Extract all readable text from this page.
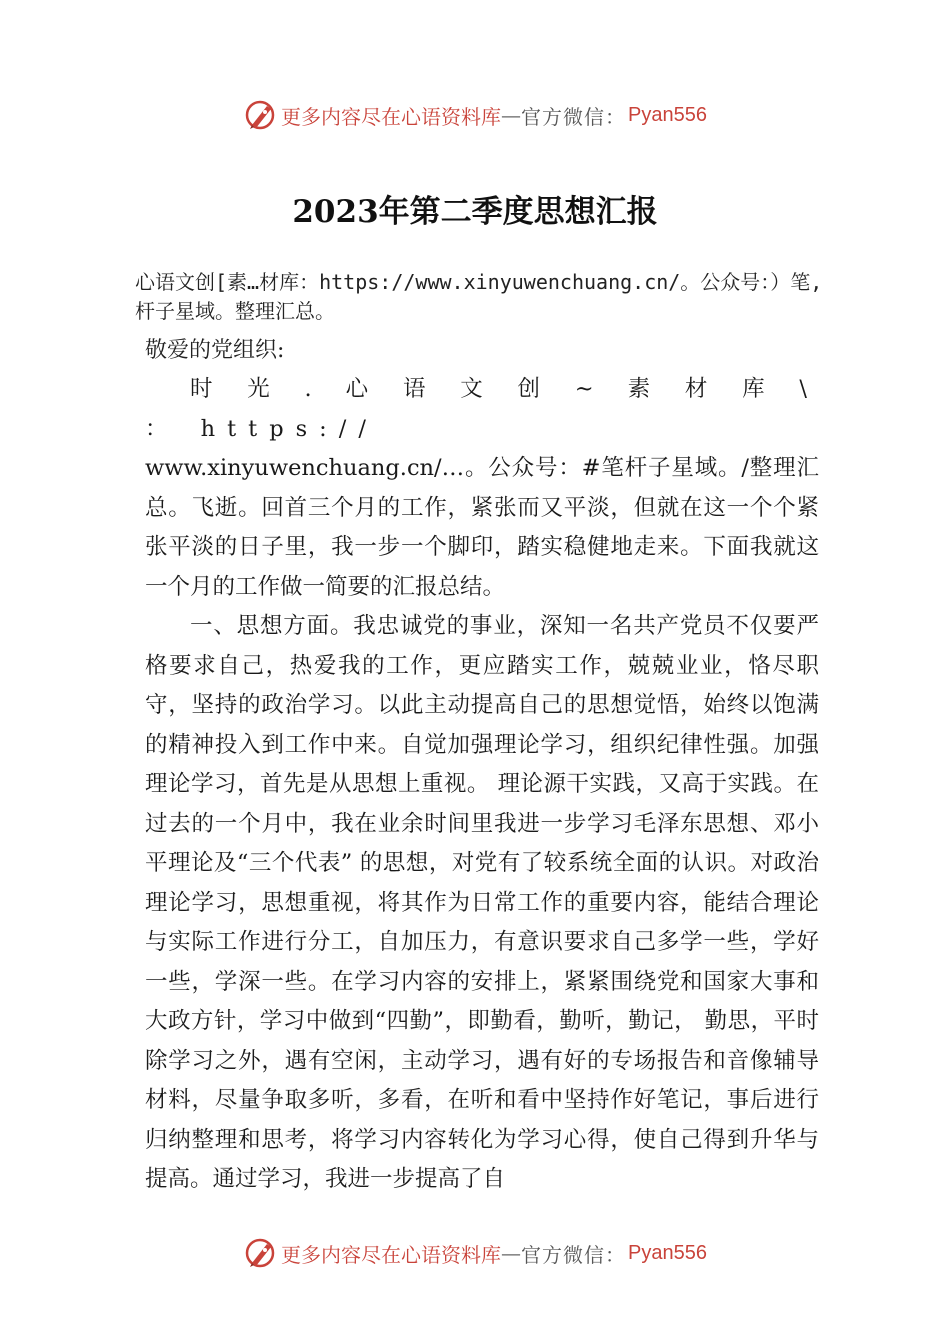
更多内容尽在心语资料库 — 官方微信： Pyan556
2023年第二季度思想汇报

心语文创[素…材库：https://www.xinyuwenchuang.cn/。公众号：）笔,杆子星域。整理汇总。

敬爱的党组织:

时 光 . 心 语 文 创 ~ 素 材 库 \ ： https://

www.xinyuwenchuang.cn/…。公众号：#笔杆子星域。/整理汇总。飞逝。回首三个月的工作，紧张而又平淡，但就在这一个个紧张平淡的日子里，我一步一个脚印，踏实稳健地走来。下面我就这一个月的工作做一简要的汇报总结。

一、思想方面。我忠诚党的事业，深知一名共产党员不仅要严格要求自己，热爱我的工作，更应踏实工作，兢兢业业，恪尽职守，坚持的政治学习。以此主动提高自己的思想觉悟，始终以饱满的精神投入到工作中来。自觉加强理论学习，组织纪律性强。加强理论学习，首先是从思想上重视。 理论源干实践，又高于实践。在过去的一个月中，我在业余时间里我进一步学习毛泽东思想、邓小平理论及“三个代表” 的思想，对党有了较系统全面的认识。对政治理论学习，思想重视，将其作为日常工作的重要内容，能结合理论与实际工作进行分工，自加压力，有意识要求自己多学一些，学好一些，学深一些。在学习内容的安排上，紧紧围绕党和国家大事和大政方针，学习中做到“四勤”，即勤看，勤听，勤记， 勤思，平时除学习之外，遇有空闲，主动学习，遇有好的专场报告和音像辅导材料，尽量争取多听，多看，在听和看中坚持作好笔记，事后进行归纳整理和思考，将学习内容转化为学习心得，使自己得到升华与提高。通过学习，我进一步提高了自

更多内容尽在心语资料库 — 官方微信： Pyan556
